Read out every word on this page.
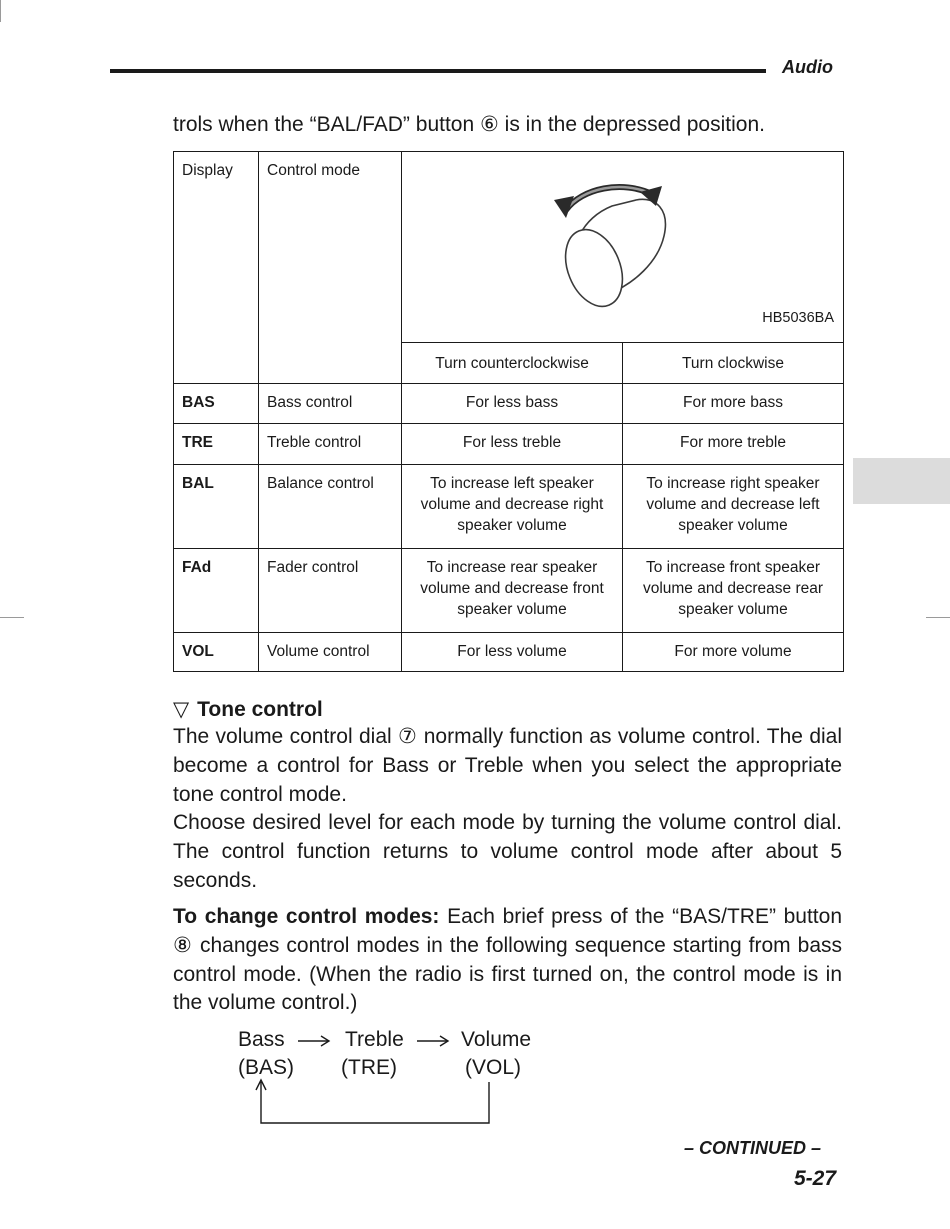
Audio
trols when the “BAL/FAD” button ⑥ is in the depressed position.
Display	Control mode	HB5036BA	

		Turn counterclockwise	Turn clockwise
BAS	Bass control	For less bass	For more bass
TRE	Treble control	For less treble	For more treble
BAL	Balance control	To increase left speaker volume and decrease right speaker volume	To increase right speaker volume and decrease left speaker volume
FAd	Fader control	To increase rear speaker volume and decrease front speaker volume	To increase front speaker volume and decrease rear speaker volume
VOL	Volume control	For less volume	For more volume
▽ Tone control

The volume control dial ⑦ normally function as volume control. The dial become a control for Bass or Treble when you select the appropriate tone control mode.

Choose desired level for each mode by turning the volume control dial. The control function returns to volume control mode after about 5 seconds.

To change control modes: Each brief press of the “BAS/TRE” button ⑧ changes control modes in the following sequence starting from bass control mode. (When the radio is first turned on, the control mode is in the volume control.)

Bass	Treble	Volume
(BAS) (TRE)	(VOL)
– CONTINUED –
5-27
